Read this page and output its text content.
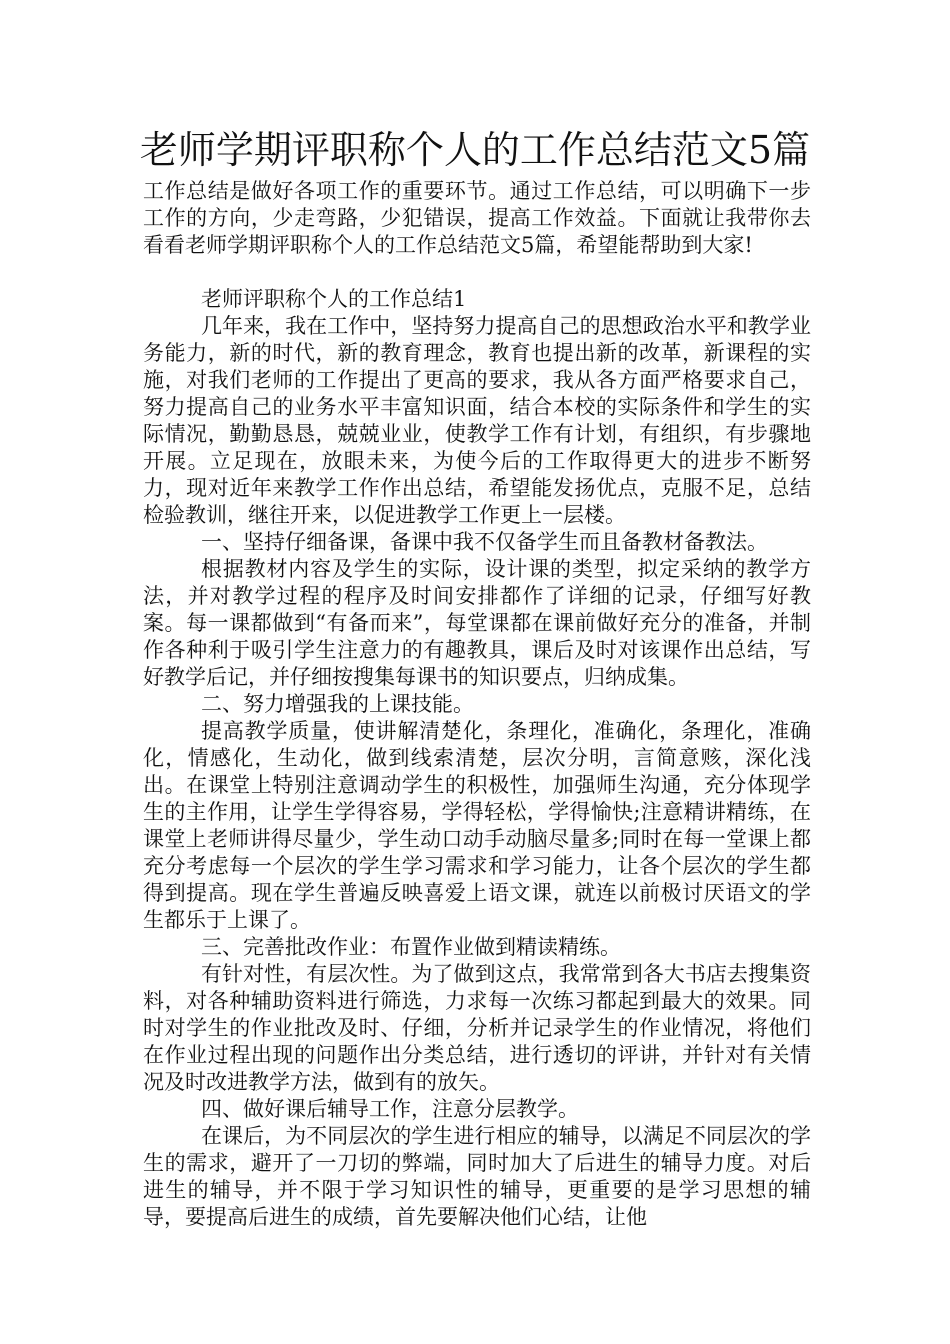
老师学期评职称个人的工作总结范文5篇

工作总结是做好各项工作的重要环节。通过工作总结，可以明确下一步工作的方向，少走弯路，少犯错误，提高工作效益。下面就让我带你去看看老师学期评职称个人的工作总结范文5篇，希望能帮助到大家!

老师评职称个人的工作总结1

几年来，我在工作中，坚持努力提高自己的思想政治水平和教学业务能力，新的时代，新的教育理念，教育也提出新的改革，新课程的实施，对我们老师的工作提出了更高的要求，我从各方面严格要求自己，努力提高自己的业务水平丰富知识面，结合本校的实际条件和学生的实际情况，勤勤恳恳，兢兢业业，使教学工作有计划，有组织，有步骤地开展。立足现在，放眼未来，为使今后的工作取得更大的进步不断努力，现对近年来教学工作作出总结，希望能发扬优点，克服不足，总结检验教训，继往开来，以促进教学工作更上一层楼。

一、坚持仔细备课，备课中我不仅备学生而且备教材备教法。

根据教材内容及学生的实际，设计课的类型，拟定采纳的教学方法，并对教学过程的程序及时间安排都作了详细的记录，仔细写好教案。每一课都做到“有备而来”，每堂课都在课前做好充分的准备，并制作各种利于吸引学生注意力的有趣教具，课后及时对该课作出总结，写好教学后记，并仔细按搜集每课书的知识要点，归纳成集。

二、努力增强我的上课技能。

提高教学质量，使讲解清楚化，条理化，准确化，条理化，准确化，情感化，生动化，做到线索清楚，层次分明，言简意赅，深化浅出。在课堂上特别注意调动学生的积极性，加强师生沟通，充分体现学生的主作用，让学生学得容易，学得轻松，学得愉快;注意精讲精练，在课堂上老师讲得尽量少，学生动口动手动脑尽量多;同时在每一堂课上都充分考虑每一个层次的学生学习需求和学习能力，让各个层次的学生都得到提高。现在学生普遍反映喜爱上语文课，就连以前极讨厌语文的学生都乐于上课了。

三、完善批改作业：布置作业做到精读精练。

有针对性，有层次性。为了做到这点，我常常到各大书店去搜集资料，对各种辅助资料进行筛选，力求每一次练习都起到最大的效果。同时对学生的作业批改及时、仔细，分析并记录学生的作业情况，将他们在作业过程出现的问题作出分类总结，进行透切的评讲，并针对有关情况及时改进教学方法，做到有的放矢。

四、做好课后辅导工作，注意分层教学。

在课后，为不同层次的学生进行相应的辅导，以满足不同层次的学生的需求，避开了一刀切的弊端，同时加大了后进生的辅导力度。对后进生的辅导，并不限于学习知识性的辅导，更重要的是学习思想的辅导，要提高后进生的成绩，首先要解决他们心结，让他
